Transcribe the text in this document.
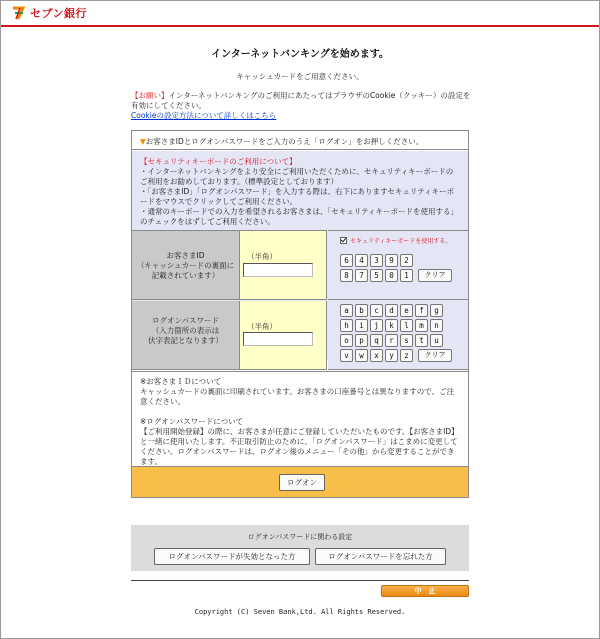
セブン銀行
インターネットバンキングを始めます。
キャッシュカードをご用意ください。
【お願い】インターネットバンキングのご利用にあたってはブラウザのCookie（クッキー）の設定を有効にしてください。
Cookieの設定方法について詳しくはこちら
▼お客さまIDとログオンパスワードをご入力のうえ「ログオン」をお押しください。
【セキュリティキーボードのご利用について】
・インターネットバンキングをより安全にご利用いただくために、セキュリティキーボードのご利用をお勧めしております。（標準設定としております）
・「お客さまID」「ログオンパスワード」を入力する際は、右下にありますセキュリティキーボードをマウスでクリックしてご利用ください。
・通常のキーボードでの入力を希望されるお客さまは、「セキュリティキーボードを使用する」のチェックをはずしてご利用ください。
お客さまID
（キャッシュカードの裏面に
記載されています）
（半角）
セキュリティキーボードを使用する。
6	4	3	9	2
8	7	5	0	1	クリア
ログオンパスワード
（入力箇所の表示は
伏字表記となります）
（半角）
a	b	c	d	e	f	g
h	i	j	k	l	m	n
o	p	q	r	s	t	u
v	w	x	y	z	クリア

※お客さまＩＤについて
キャッシュカードの裏面に印刷されています。お客さまの口座番号とは異なりますので、ご注意ください。

※ログオンパスワードについて
【ご利用開始登録】の際に、お客さまが任意にご登録していただいたものです。【お客さまID】と一緒に使用いたします。不正取引防止のために、「ログオンパスワード」はこまめに変更してください。ログオンパスワードは、ログオン後のメニュー「その他」から変更することができます。

ログオン
ログオンパスワードに関わる設定
ログオンパスワードが失効となった方	ログオンパスワードを忘れた方
中　止
Copyright (C) Seven Bank,Ltd. All Rights Reserved.
